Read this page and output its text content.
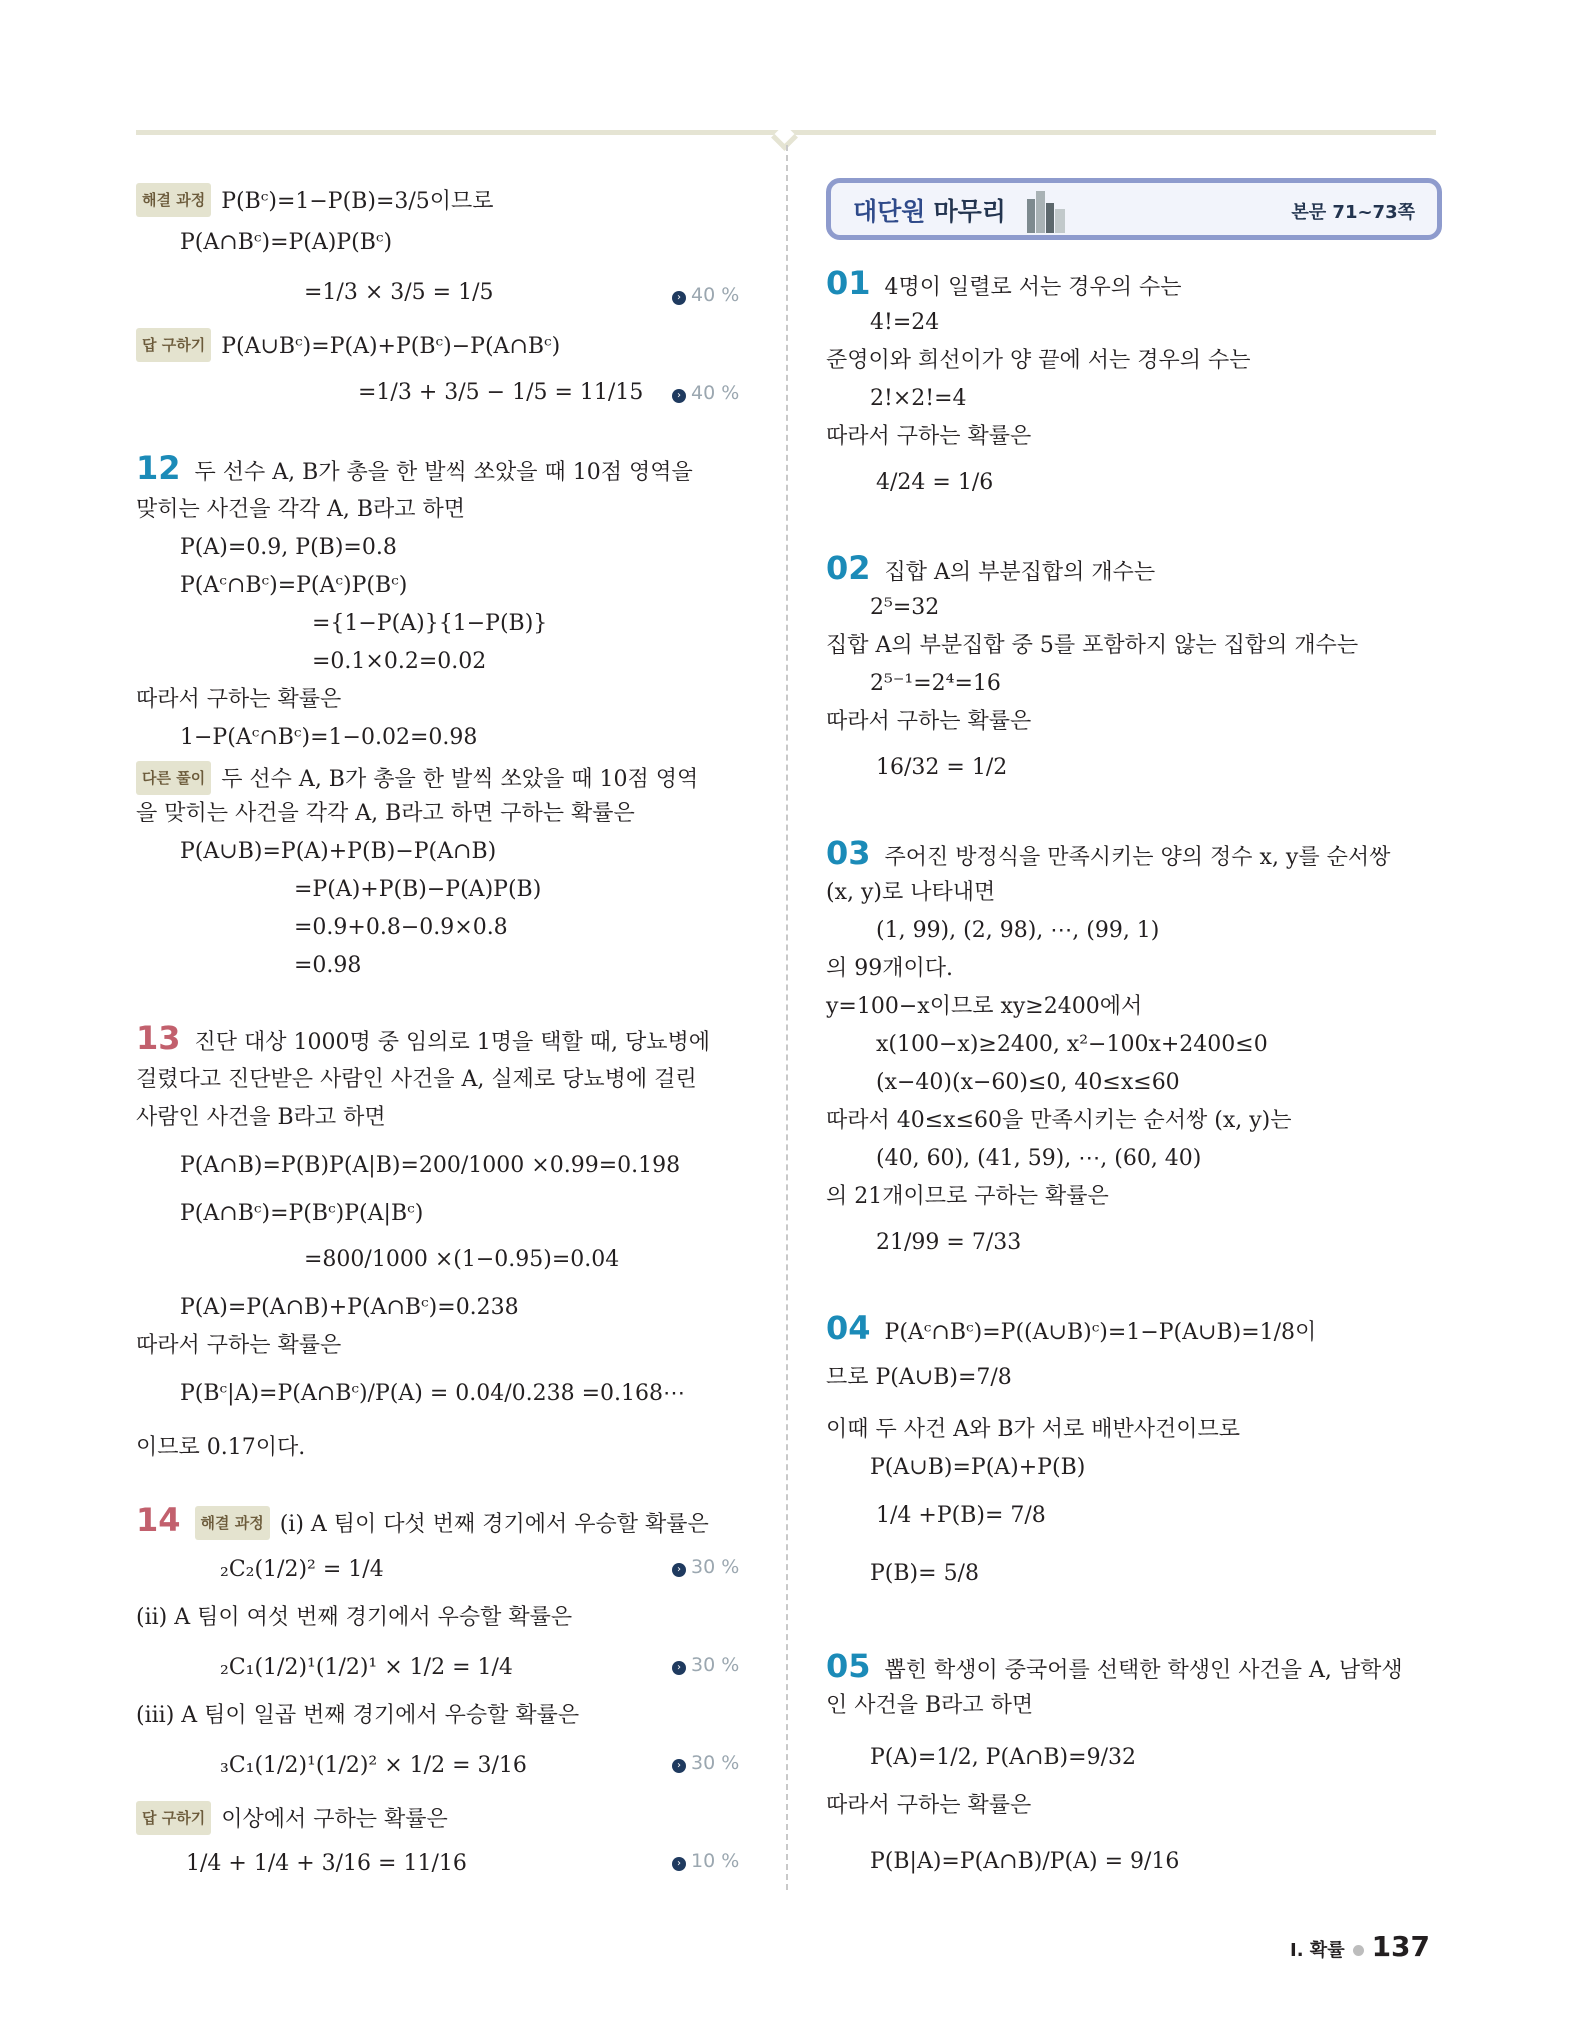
해결 과정 P(Bᶜ)=1−P(B)=3/5이므로
P(A∩Bᶜ)=P(A)P(Bᶜ)
=1/3 × 3/5 = 1/5
답 구하기 P(A∪Bᶜ)=P(A)+P(Bᶜ)−P(A∩Bᶜ)
=1/3 + 3/5 − 1/5 = 11/15
12 두 선수 A, B가 총을 한 발씩 쏘았을 때 10점 영역을
맞히는 사건을 각각 A, B라고 하면
P(A)=0.9, P(B)=0.8
P(Aᶜ∩Bᶜ)=P(Aᶜ)P(Bᶜ)
={1−P(A)}{1−P(B)}
=0.1×0.2=0.02
따라서 구하는 확률은
1−P(Aᶜ∩Bᶜ)=1−0.02=0.98
다른 풀이 두 선수 A, B가 총을 한 발씩 쏘았을 때 10점 영역
을 맞히는 사건을 각각 A, B라고 하면 구하는 확률은
P(A∪B)=P(A)+P(B)−P(A∩B)
=P(A)+P(B)−P(A)P(B)
=0.9+0.8−0.9×0.8
=0.98
13 진단 대상 1000명 중 임의로 1명을 택할 때, 당뇨병에
걸렸다고 진단받은 사람인 사건을 A, 실제로 당뇨병에 걸린
사람인 사건을 B라고 하면
P(A∩B)=P(B)P(A|B)=200/1000 ×0.99=0.198
P(A∩Bᶜ)=P(Bᶜ)P(A|Bᶜ)
=800/1000 ×(1−0.95)=0.04
P(A)=P(A∩B)+P(A∩Bᶜ)=0.238
따라서 구하는 확률은
P(Bᶜ|A)=P(A∩Bᶜ)/P(A) = 0.04/0.238 =0.168⋯
이므로 0.17이다.
14 해결 과정 (i) A 팀이 다섯 번째 경기에서 우승할 확률은
₂C₂(1/2)² = 1/4
(ii) A 팀이 여섯 번째 경기에서 우승할 확률은
₂C₁(1/2)¹(1/2)¹ × 1/2 = 1/4
(iii) A 팀이 일곱 번째 경기에서 우승할 확률은
₃C₁(1/2)¹(1/2)² × 1/2 = 3/16
답 구하기 이상에서 구하는 확률은
1/4 + 1/4 + 3/16 = 11/16
› 40 %
› 40 %
› 30 %
› 30 %
› 30 %
› 10 %
대단원 마무리	본문 71~73쪽
01 4명이 일렬로 서는 경우의 수는
4!=24
준영이와 희선이가 양 끝에 서는 경우의 수는
2!×2!=4
따라서 구하는 확률은
4/24 = 1/6
02 집합 A의 부분집합의 개수는
2⁵=32
집합 A의 부분집합 중 5를 포함하지 않는 집합의 개수는
2⁵⁻¹=2⁴=16
따라서 구하는 확률은
16/32 = 1/2
03 주어진 방정식을 만족시키는 양의 정수 x, y를 순서쌍
(x, y)로 나타내면
(1, 99), (2, 98), ⋯, (99, 1)
의 99개이다.
y=100−x이므로 xy≥2400에서
x(100−x)≥2400, x²−100x+2400≤0
(x−40)(x−60)≤0, 40≤x≤60
따라서 40≤x≤60을 만족시키는 순서쌍 (x, y)는
(40, 60), (41, 59), ⋯, (60, 40)
의 21개이므로 구하는 확률은
21/99 = 7/33
04 P(Aᶜ∩Bᶜ)=P((A∪B)ᶜ)=1−P(A∪B)=1/8이
므로 P(A∪B)=7/8
이때 두 사건 A와 B가 서로 배반사건이므로
P(A∪B)=P(A)+P(B)
1/4 +P(B)= 7/8
P(B)= 5/8
05 뽑힌 학생이 중국어를 선택한 학생인 사건을 A, 남학생
인 사건을 B라고 하면
P(A)=1/2, P(A∩B)=9/32
따라서 구하는 확률은
P(B|A)=P(A∩B)/P(A) = 9/16
Ⅰ. 확률 137
